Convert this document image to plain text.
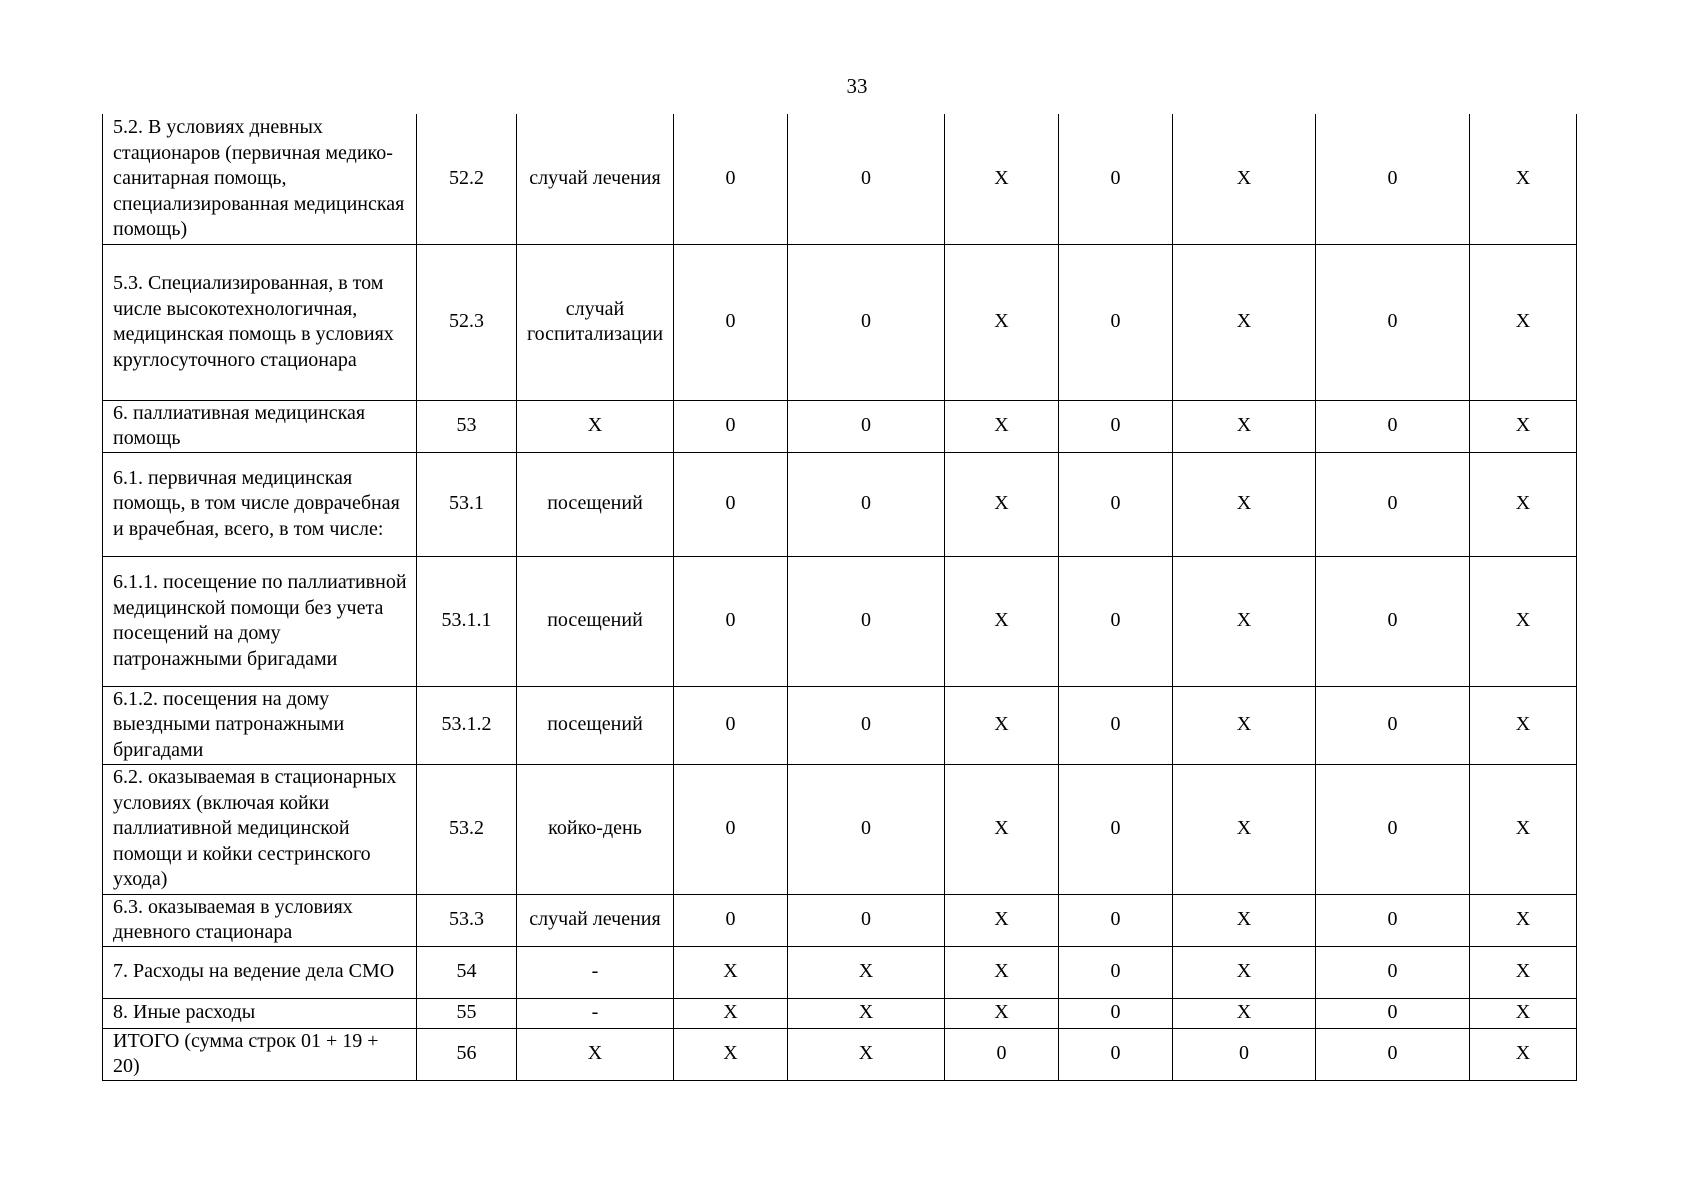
33
5.2. В условиях дневных стационаров (первичная медико-санитарная помощь, специализированная медицинская помощь)	52.2	случай лечения	0	0	Х	0	Х	0	Х
5.3. Специализированная, в том числе высокотехнологичная, медицинская помощь в условиях круглосуточного стационара	52.3	случай госпитализации	0	0	Х	0	Х	0	Х
6. паллиативная медицинская помощь	53	Х	0	0	Х	0	Х	0	Х
6.1. первичная медицинская помощь, в том числе доврачебная и врачебная, всего, в том числе:	53.1	посещений	0	0	Х	0	Х	0	Х
6.1.1. посещение по паллиативной медицинской помощи без учета посещений на дому патронажными бригадами	53.1.1	посещений	0	0	Х	0	Х	0	Х
6.1.2. посещения на дому выездными патронажными бригадами	53.1.2	посещений	0	0	Х	0	Х	0	Х
6.2. оказываемая в стационарных условиях (включая койки паллиативной медицинской помощи и койки сестринского ухода)	53.2	койко-день	0	0	Х	0	Х	0	Х
6.3. оказываемая в условиях дневного стационара	53.3	случай лечения	0	0	Х	0	Х	0	Х
7. Расходы на ведение дела СМО	54	-	Х	Х	Х	0	Х	0	Х
8. Иные расходы	55	-	Х	Х	Х	0	Х	0	Х
ИТОГО (сумма строк 01 + 19 + 20)	56	Х	Х	Х	0	0	0	0	Х
